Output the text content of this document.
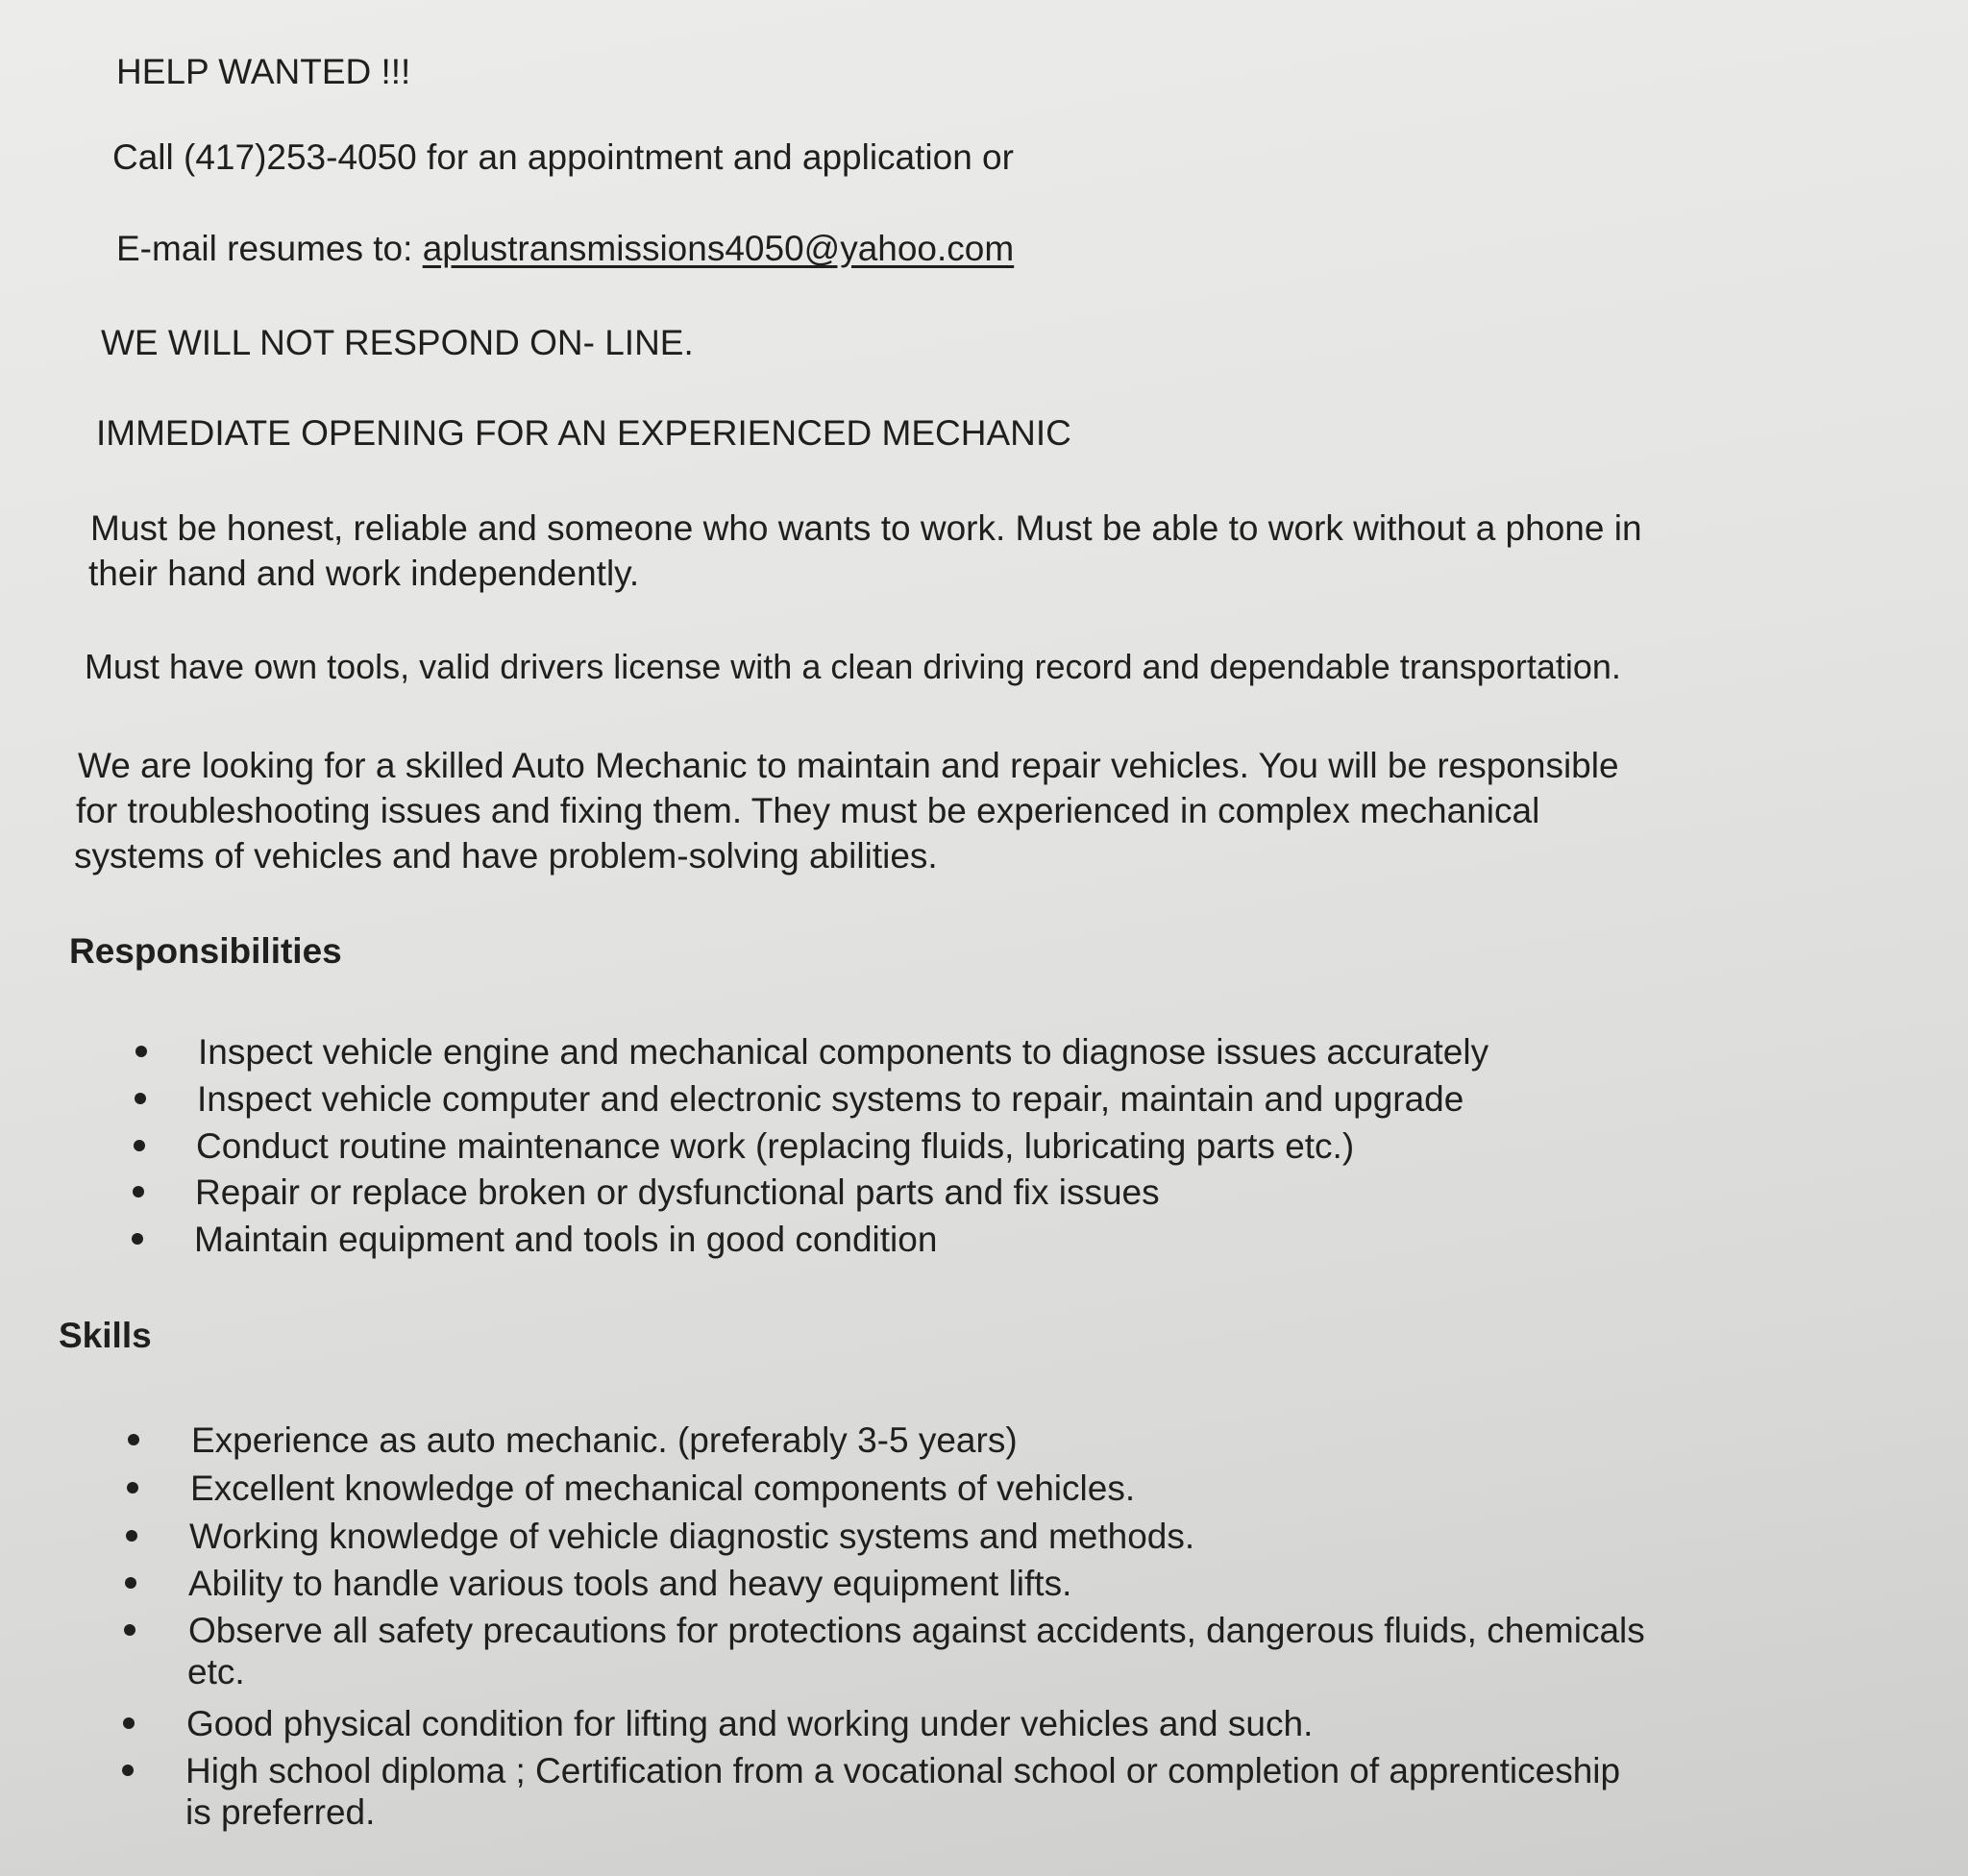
HELP WANTED !!!
Call (417)253-4050 for an appointment and application or
E-mail resumes to: aplustransmissions4050@yahoo.com
WE WILL NOT RESPOND ON- LINE.
IMMEDIATE OPENING FOR AN EXPERIENCED MECHANIC
Must be honest, reliable and someone who wants to work. Must be able to work without a phone in
their hand and work independently.
Must have own tools, valid drivers license with a clean driving record and dependable transportation.
We are looking for a skilled Auto Mechanic to maintain and repair vehicles. You will be responsible
for troubleshooting issues and fixing them. They must be experienced in complex mechanical
systems of vehicles and have problem-solving abilities.
Responsibilities
Inspect vehicle engine and mechanical components to diagnose issues accurately
Inspect vehicle computer and electronic systems to repair, maintain and upgrade
Conduct routine maintenance work (replacing fluids, lubricating parts etc.)
Repair or replace broken or dysfunctional parts and fix issues
Maintain equipment and tools in good condition
Skills
Experience as auto mechanic. (preferably 3-5 years)
Excellent knowledge of mechanical components of vehicles.
Working knowledge of vehicle diagnostic systems and methods.
Ability to handle various tools and heavy equipment lifts.
Observe all safety precautions for protections against accidents, dangerous fluids, chemicals
etc.
Good physical condition for lifting and working under vehicles and such.
High school diploma ; Certification from a vocational school or completion of apprenticeship
is preferred.
